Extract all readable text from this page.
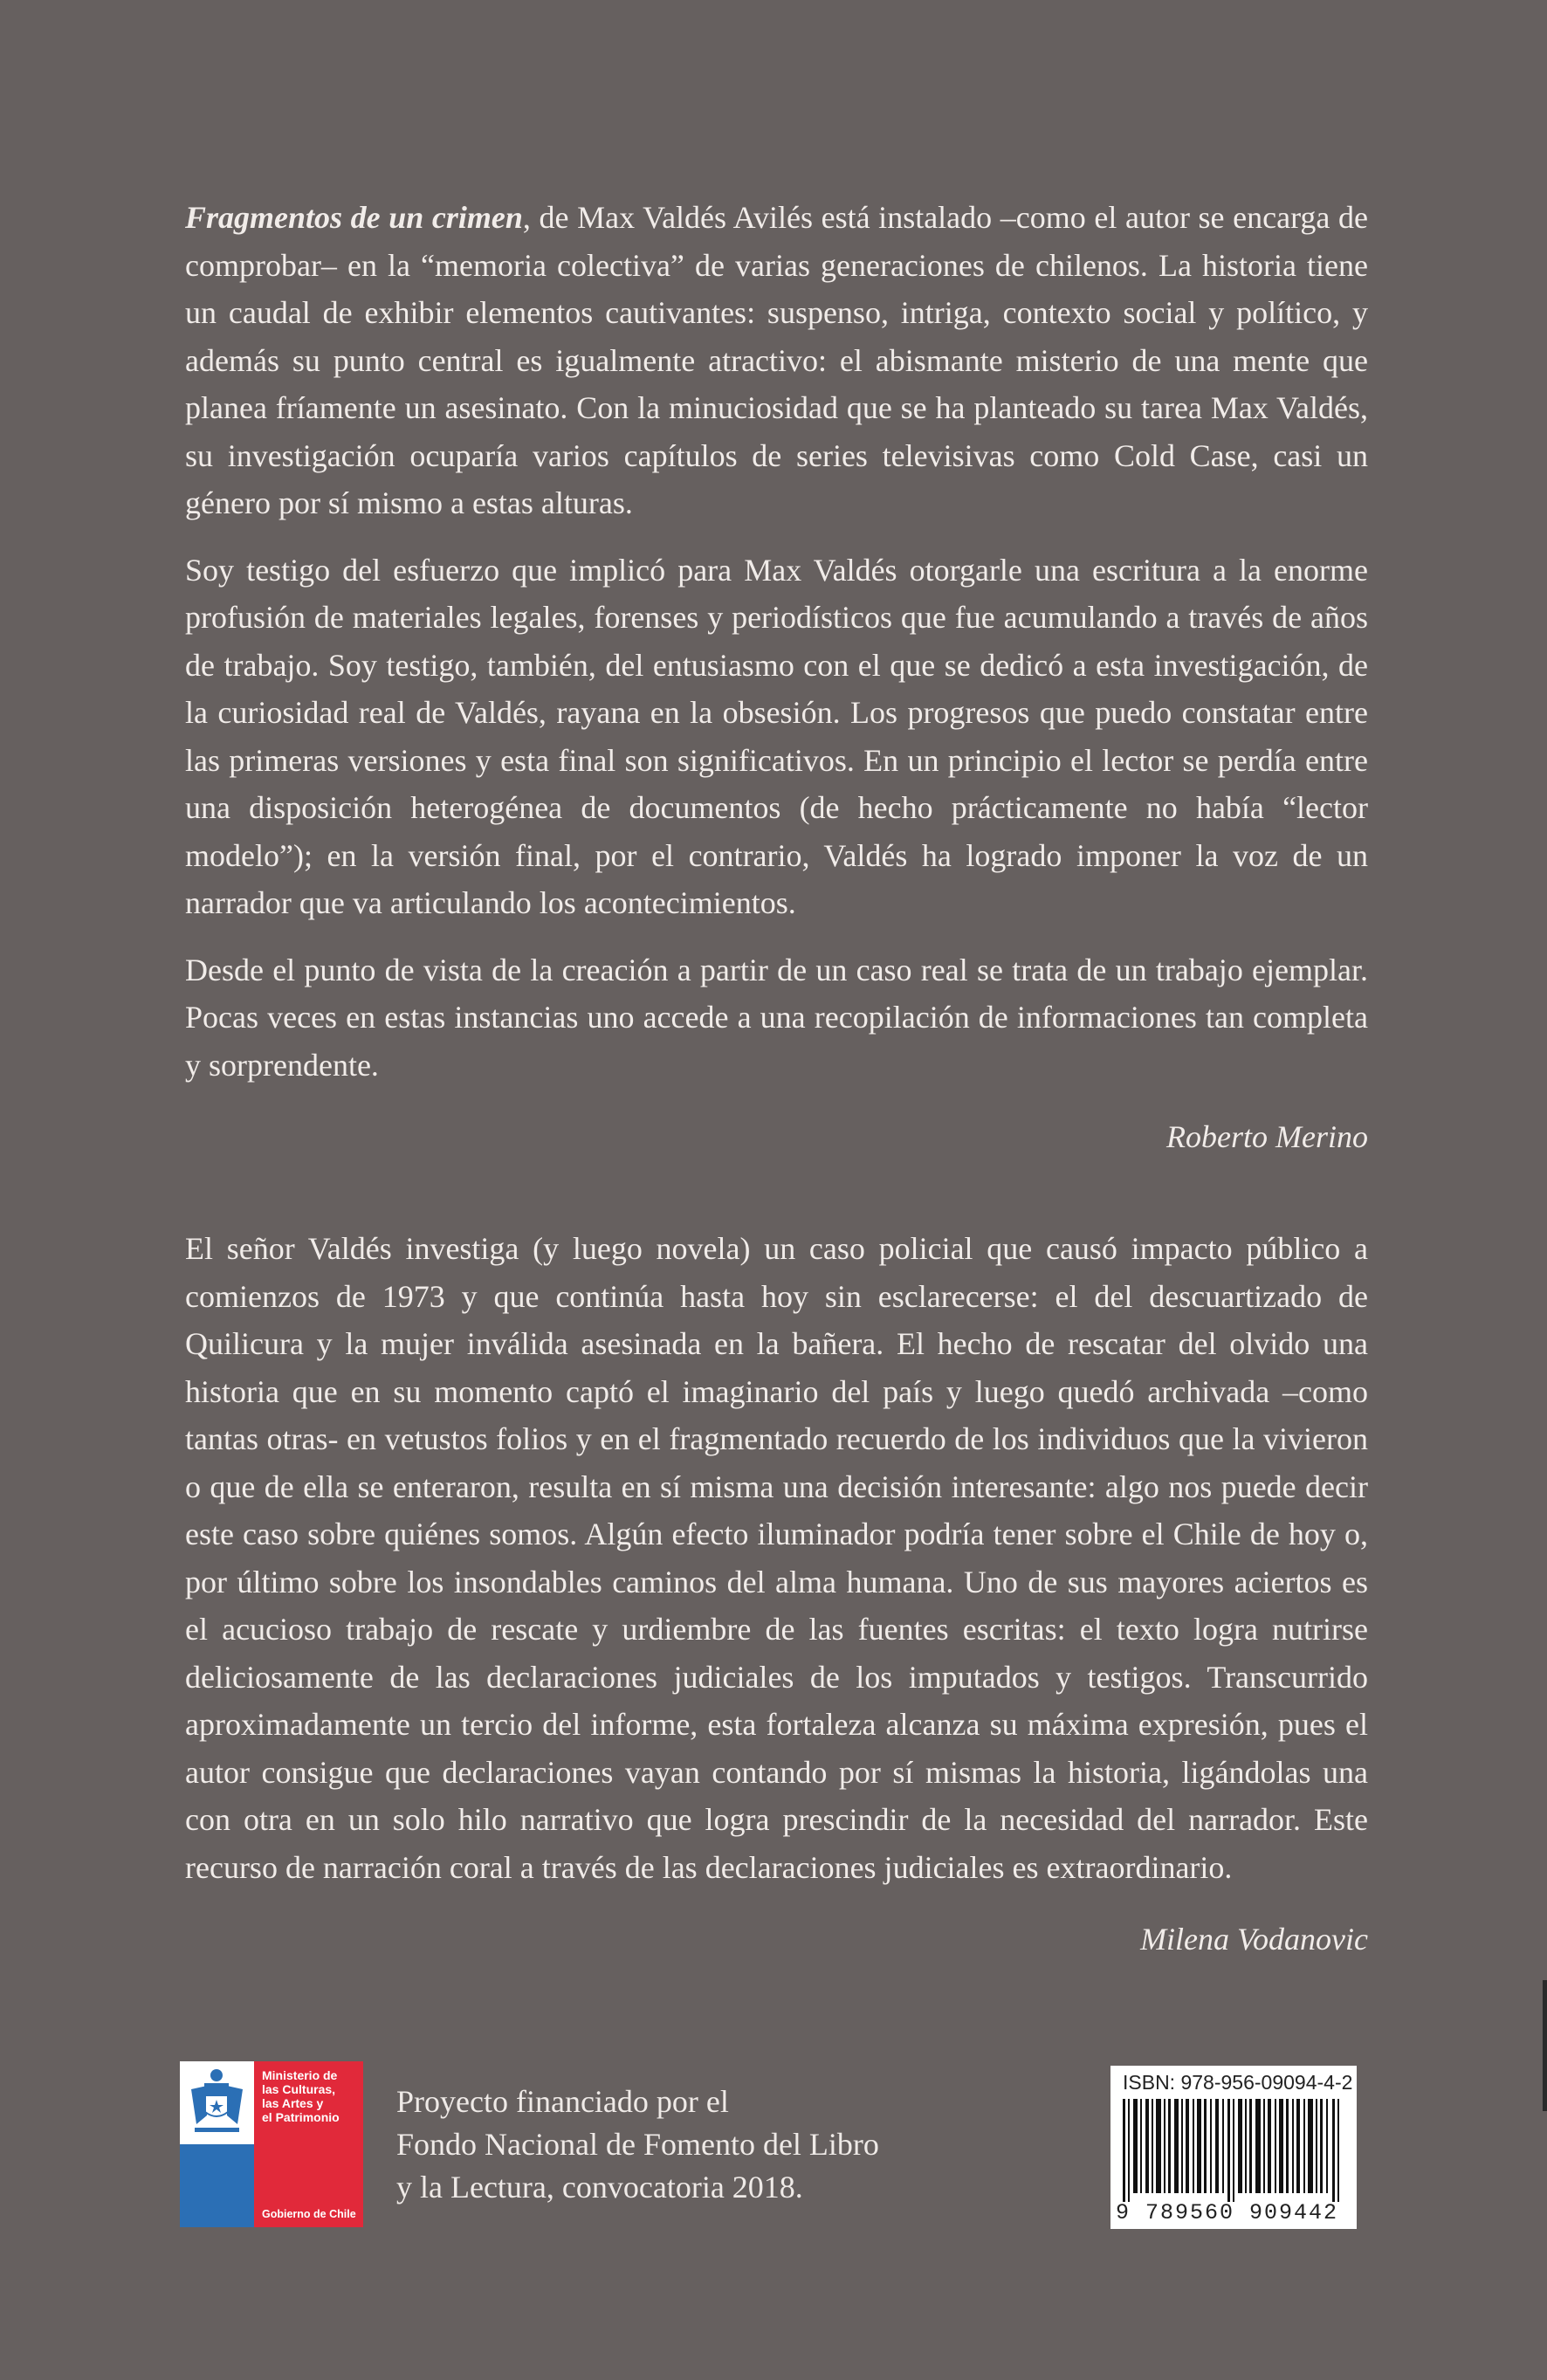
Fragmentos de un crimen, de Max Valdés Avilés está instalado –como el autor se encarga de comprobar– en la “memoria colectiva” de varias generaciones de chilenos. La historia tiene un caudal de exhibir elementos cautivantes: suspenso, intriga, contexto social y político, y además su punto central es igualmente atractivo: el abismante misterio de una mente que planea fríamente un asesinato. Con la minuciosidad que se ha planteado su tarea Max Valdés, su investigación ocuparía varios capítulos de series televisivas como Cold Case, casi un género por sí mismo a estas alturas.

Soy testigo del esfuerzo que implicó para Max Valdés otorgarle una escritura a la enorme profusión de materiales legales, forenses y periodísticos que fue acumulando a través de años de trabajo. Soy testigo, también, del entusiasmo con el que se dedicó a esta investigación, de la curiosidad real de Valdés, rayana en la obsesión. Los progresos que puedo constatar entre las primeras versiones y esta final son significativos. En un principio el lector se perdía entre una disposición heterogénea de documentos (de hecho prácticamente no había “lector modelo”); en la versión final, por el contrario, Valdés ha logrado imponer la voz de un narrador que va articulando los acontecimientos.

Desde el punto de vista de la creación a partir de un caso real se trata de un trabajo ejemplar. Pocas veces en estas instancias uno accede a una recopilación de informaciones tan completa y sorprendente.

Roberto Merino

El señor Valdés investiga (y luego novela) un caso policial que causó impacto público a comienzos de 1973 y que continúa hasta hoy sin esclarecerse: el del descuartizado de Quilicura y la mujer inválida asesinada en la bañera. El hecho de rescatar del olvido una historia que en su momento captó el imaginario del país y luego quedó archivada –como tantas otras- en vetustos folios y en el fragmentado recuerdo de los individuos que la vivieron o que de ella se enteraron, resulta en sí misma una decisión interesante: algo nos puede decir este caso sobre quiénes somos. Algún efecto iluminador podría tener sobre el Chile de hoy o, por último sobre los insondables caminos del alma humana. Uno de sus mayores aciertos es el acucioso trabajo de rescate y urdiembre de las fuentes escritas: el texto logra nutrirse deliciosamente de las declaraciones judiciales de los imputados y testigos. Transcurrido aproximadamente un tercio del informe, esta fortaleza alcanza su máxima expresión, pues el autor consigue que declaraciones vayan contando por sí mismas la historia, ligándolas una con otra en un solo hilo narrativo que logra prescindir de la necesidad del narrador. Este recurso de narración coral a través de las declaraciones judiciales es extraordinario.

Milena Vodanovic
Ministerio de
las Culturas,
las Artes y
el Patrimonio
Gobierno de Chile
Proyecto financiado por el
Fondo Nacional de Fomento del Libro
y la Lectura, convocatoria 2018.
ISBN: 978-956-09094-4-2
9 789560 909442
